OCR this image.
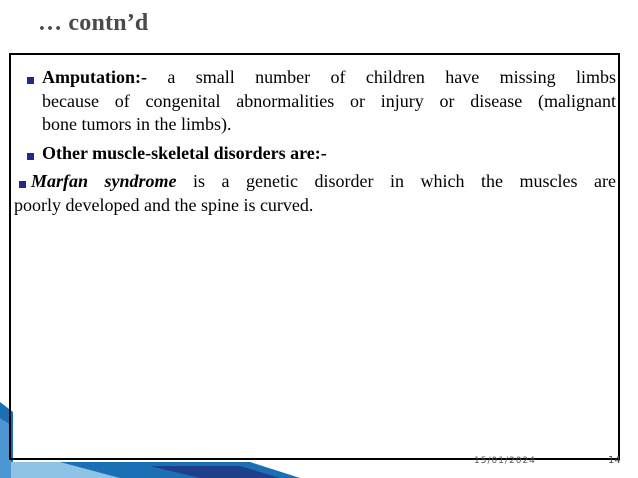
… contn’d
Amputation:- a small number of children have missing limbs
because of congenital abnormalities or injury or disease (malignant
bone tumors in the limbs).
Other muscle-skeletal disorders are:-
Marfan syndrome is a genetic disorder in which the muscles are
poorly developed and the spine is curved.
15/01/2024	14
